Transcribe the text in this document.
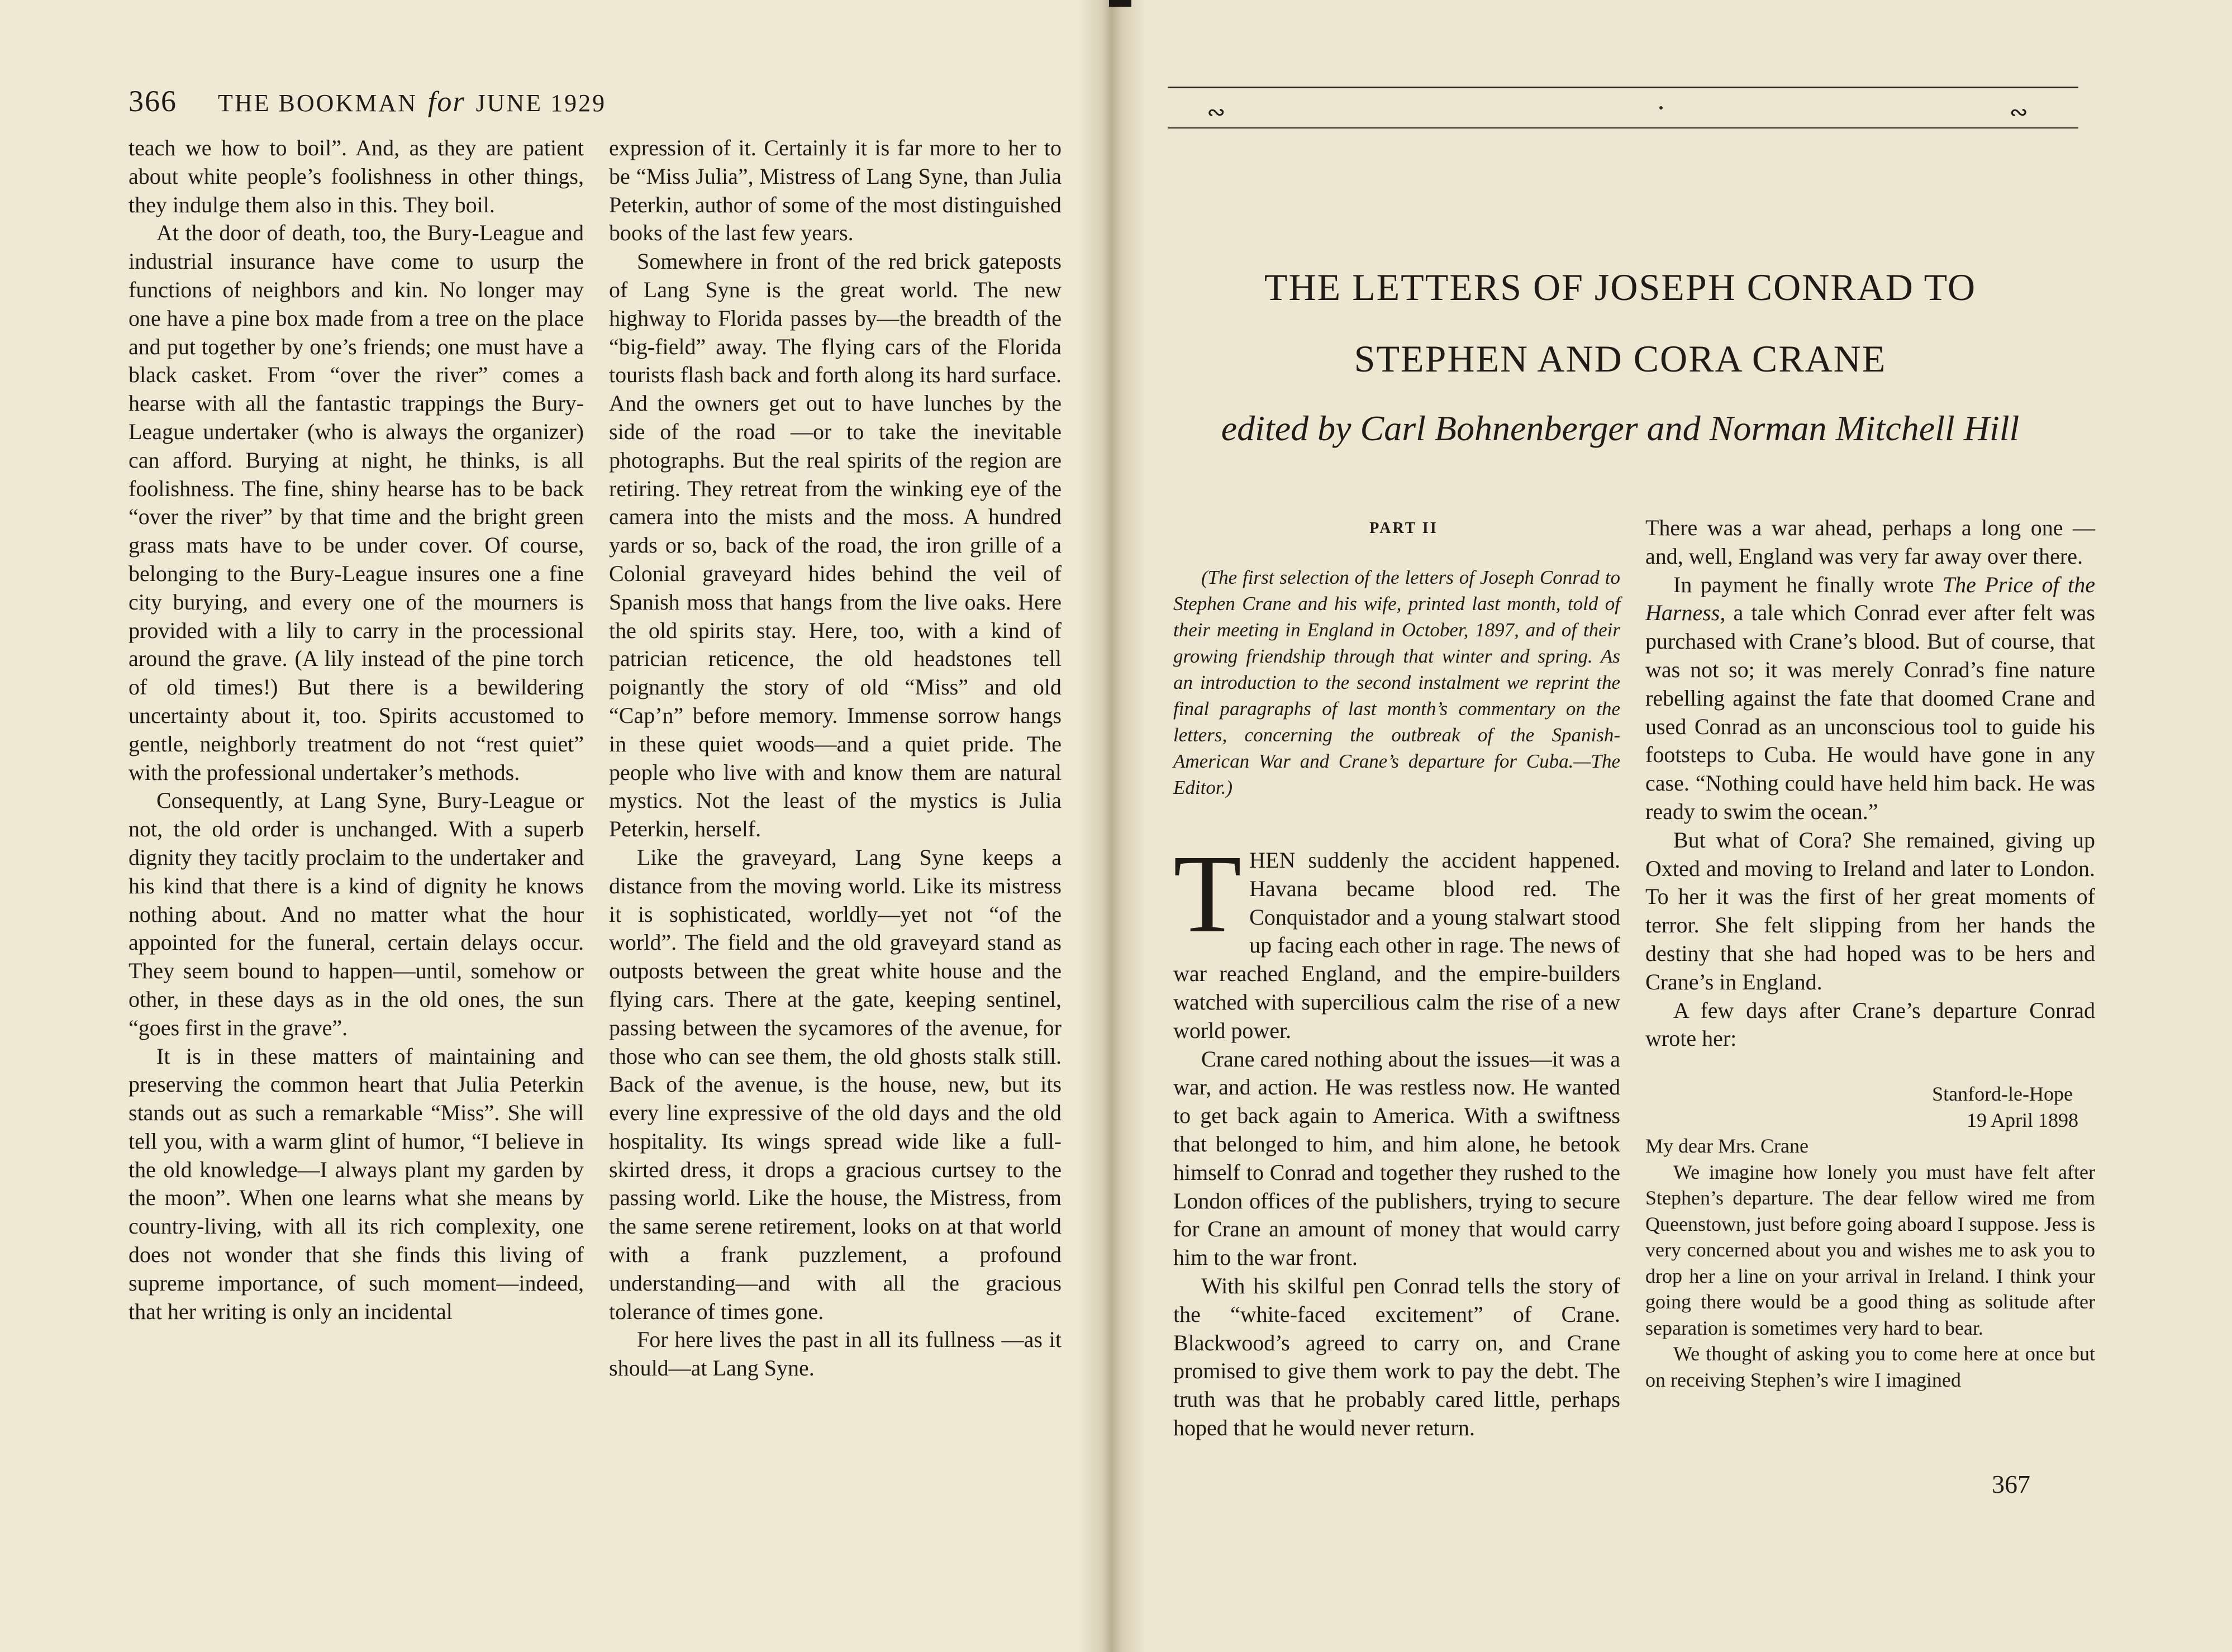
366 THE BOOKMAN for JUNE 1929

teach we how to boil”. And, as they are patient about white people’s foolishness in other things, they indulge them also in this. They boil.

At the door of death, too, the Bury-League and industrial insurance have come to usurp the functions of neighbors and kin. No longer may one have a pine box made from a tree on the place and put together by one’s friends; one must have a black casket. From “over the river” comes a hearse with all the fantastic trappings the Bury-League undertaker (who is always the organizer) can afford. Burying at night, he thinks, is all foolishness. The fine, shiny hearse has to be back “over the river” by that time and the bright green grass mats have to be under cover. Of course, belonging to the Bury-League insures one a fine city burying, and every one of the mourners is provided with a lily to carry in the processional around the grave. (A lily instead of the pine torch of old times!) But there is a bewildering uncertainty about it, too. Spirits accustomed to gentle, neighborly treatment do not “rest quiet” with the professional undertaker’s methods.

Consequently, at Lang Syne, Bury-League or not, the old order is unchanged. With a superb dignity they tacitly proclaim to the undertaker and his kind that there is a kind of dignity he knows nothing about. And no matter what the hour appointed for the funeral, certain delays occur. They seem bound to happen—until, somehow or other, in these days as in the old ones, the sun “goes first in the grave”.

It is in these matters of maintaining and preserving the common heart that Julia Peterkin stands out as such a remarkable “Miss”. She will tell you, with a warm glint of humor, “I believe in the old knowledge—I always plant my garden by the moon”. When one learns what she means by country-living, with all its rich complexity, one does not wonder that she finds this living of supreme importance, of such moment—indeed, that her writing is only an incidental

expression of it. Certainly it is far more to her to be “Miss Julia”, Mistress of Lang Syne, than Julia Peterkin, author of some of the most distinguished books of the last few years.

Somewhere in front of the red brick gateposts of Lang Syne is the great world. The new highway to Florida passes by—the breadth of the “big-field” away. The flying cars of the Florida tourists flash back and forth along its hard surface. And the owners get out to have lunches by the side of the road —or to take the inevitable photographs. But the real spirits of the region are retiring. They retreat from the winking eye of the camera into the mists and the moss. A hundred yards or so, back of the road, the iron grille of a Colonial graveyard hides behind the veil of Spanish moss that hangs from the live oaks. Here the old spirits stay. Here, too, with a kind of patrician reticence, the old headstones tell poignantly the story of old “Miss” and old “Cap’n” before memory. Immense sorrow hangs in these quiet woods—and a quiet pride. The people who live with and know them are natural mystics. Not the least of the mystics is Julia Peterkin, herself.

Like the graveyard, Lang Syne keeps a distance from the moving world. Like its mistress it is sophisticated, worldly—yet not “of the world”. The field and the old graveyard stand as outposts between the great white house and the flying cars. There at the gate, keeping sentinel, passing between the sycamores of the avenue, for those who can see them, the old ghosts stalk still. Back of the avenue, is the house, new, but its every line expressive of the old days and the old hospitality. Its wings spread wide like a full-skirted dress, it drops a gracious curtsey to the passing world. Like the house, the Mistress, from the same serene retirement, looks on at that world with a frank puzzlement, a profound understanding—and with all the gracious tolerance of times gone.

For here lives the past in all its fullness —as it should—at Lang Syne.

∾	∾
THE LETTERS OF JOSEPH CONRAD TO
STEPHEN AND CORA CRANE
edited by Carl Bohnenberger and Norman Mitchell Hill
PART II

(The first selection of the letters of Joseph Conrad to Stephen Crane and his wife, printed last month, told of their meeting in England in October, 1897, and of their growing friendship through that winter and spring. As an introduction to the second instalment we reprint the final paragraphs of last month’s commentary on the letters, concerning the outbreak of the Spanish-American War and Crane’s departure for Cuba.—The Editor.)

THEN suddenly the accident happened. Havana became blood red. The Conquistador and a young stalwart stood up facing each other in rage. The news of war reached England, and the empire-builders watched with supercilious calm the rise of a new world power.

Crane cared nothing about the issues—it was a war, and action. He was restless now. He wanted to get back again to America. With a swiftness that belonged to him, and him alone, he betook himself to Conrad and together they rushed to the London offices of the publishers, trying to secure for Crane an amount of money that would carry him to the war front.

With his skilful pen Conrad tells the story of the “white-faced excitement” of Crane. Blackwood’s agreed to carry on, and Crane promised to give them work to pay the debt. The truth was that he probably cared little, perhaps hoped that he would never return.

There was a war ahead, perhaps a long one —and, well, England was very far away over there.

In payment he finally wrote The Price of the Harness, a tale which Conrad ever after felt was purchased with Crane’s blood. But of course, that was not so; it was merely Conrad’s fine nature rebelling against the fate that doomed Crane and used Conrad as an unconscious tool to guide his footsteps to Cuba. He would have gone in any case. “Nothing could have held him back. He was ready to swim the ocean.”

But what of Cora? She remained, giving up Oxted and moving to Ireland and later to London. To her it was the first of her great moments of terror. She felt slipping from her hands the destiny that she had hoped was to be hers and Crane’s in England.

A few days after Crane’s departure Conrad wrote her:

Stanford-le-Hope
19 April 1898

My dear Mrs. Crane

We imagine how lonely you must have felt after Stephen’s departure. The dear fellow wired me from Queenstown, just before going aboard I suppose. Jess is very concerned about you and wishes me to ask you to drop her a line on your arrival in Ireland. I think your going there would be a good thing as solitude after separation is sometimes very hard to bear.

We thought of asking you to come here at once but on receiving Stephen’s wire I imagined

367
